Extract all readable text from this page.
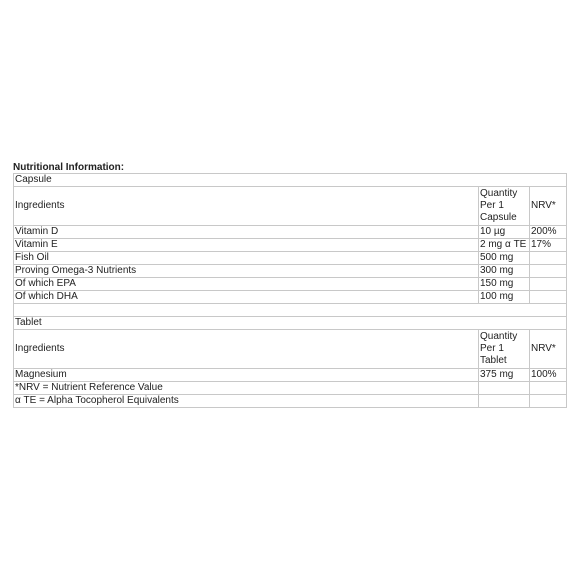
Nutritional Information:
Capsule		
Ingredients	Quantity Per 1 Capsule	NRV*
Vitamin D	10 µg	200%
Vitamin E	2 mg α TE	17%
Fish Oil	500 mg	
Proving Omega-3 Nutrients	300 mg	
Of which EPA	150 mg	
Of which DHA	100 mg	

Tablet		
Ingredients	Quantity Per 1 Tablet	NRV*
Magnesium	375 mg	100%
*NRV = Nutrient Reference Value		
α TE = Alpha Tocopherol Equivalents		
